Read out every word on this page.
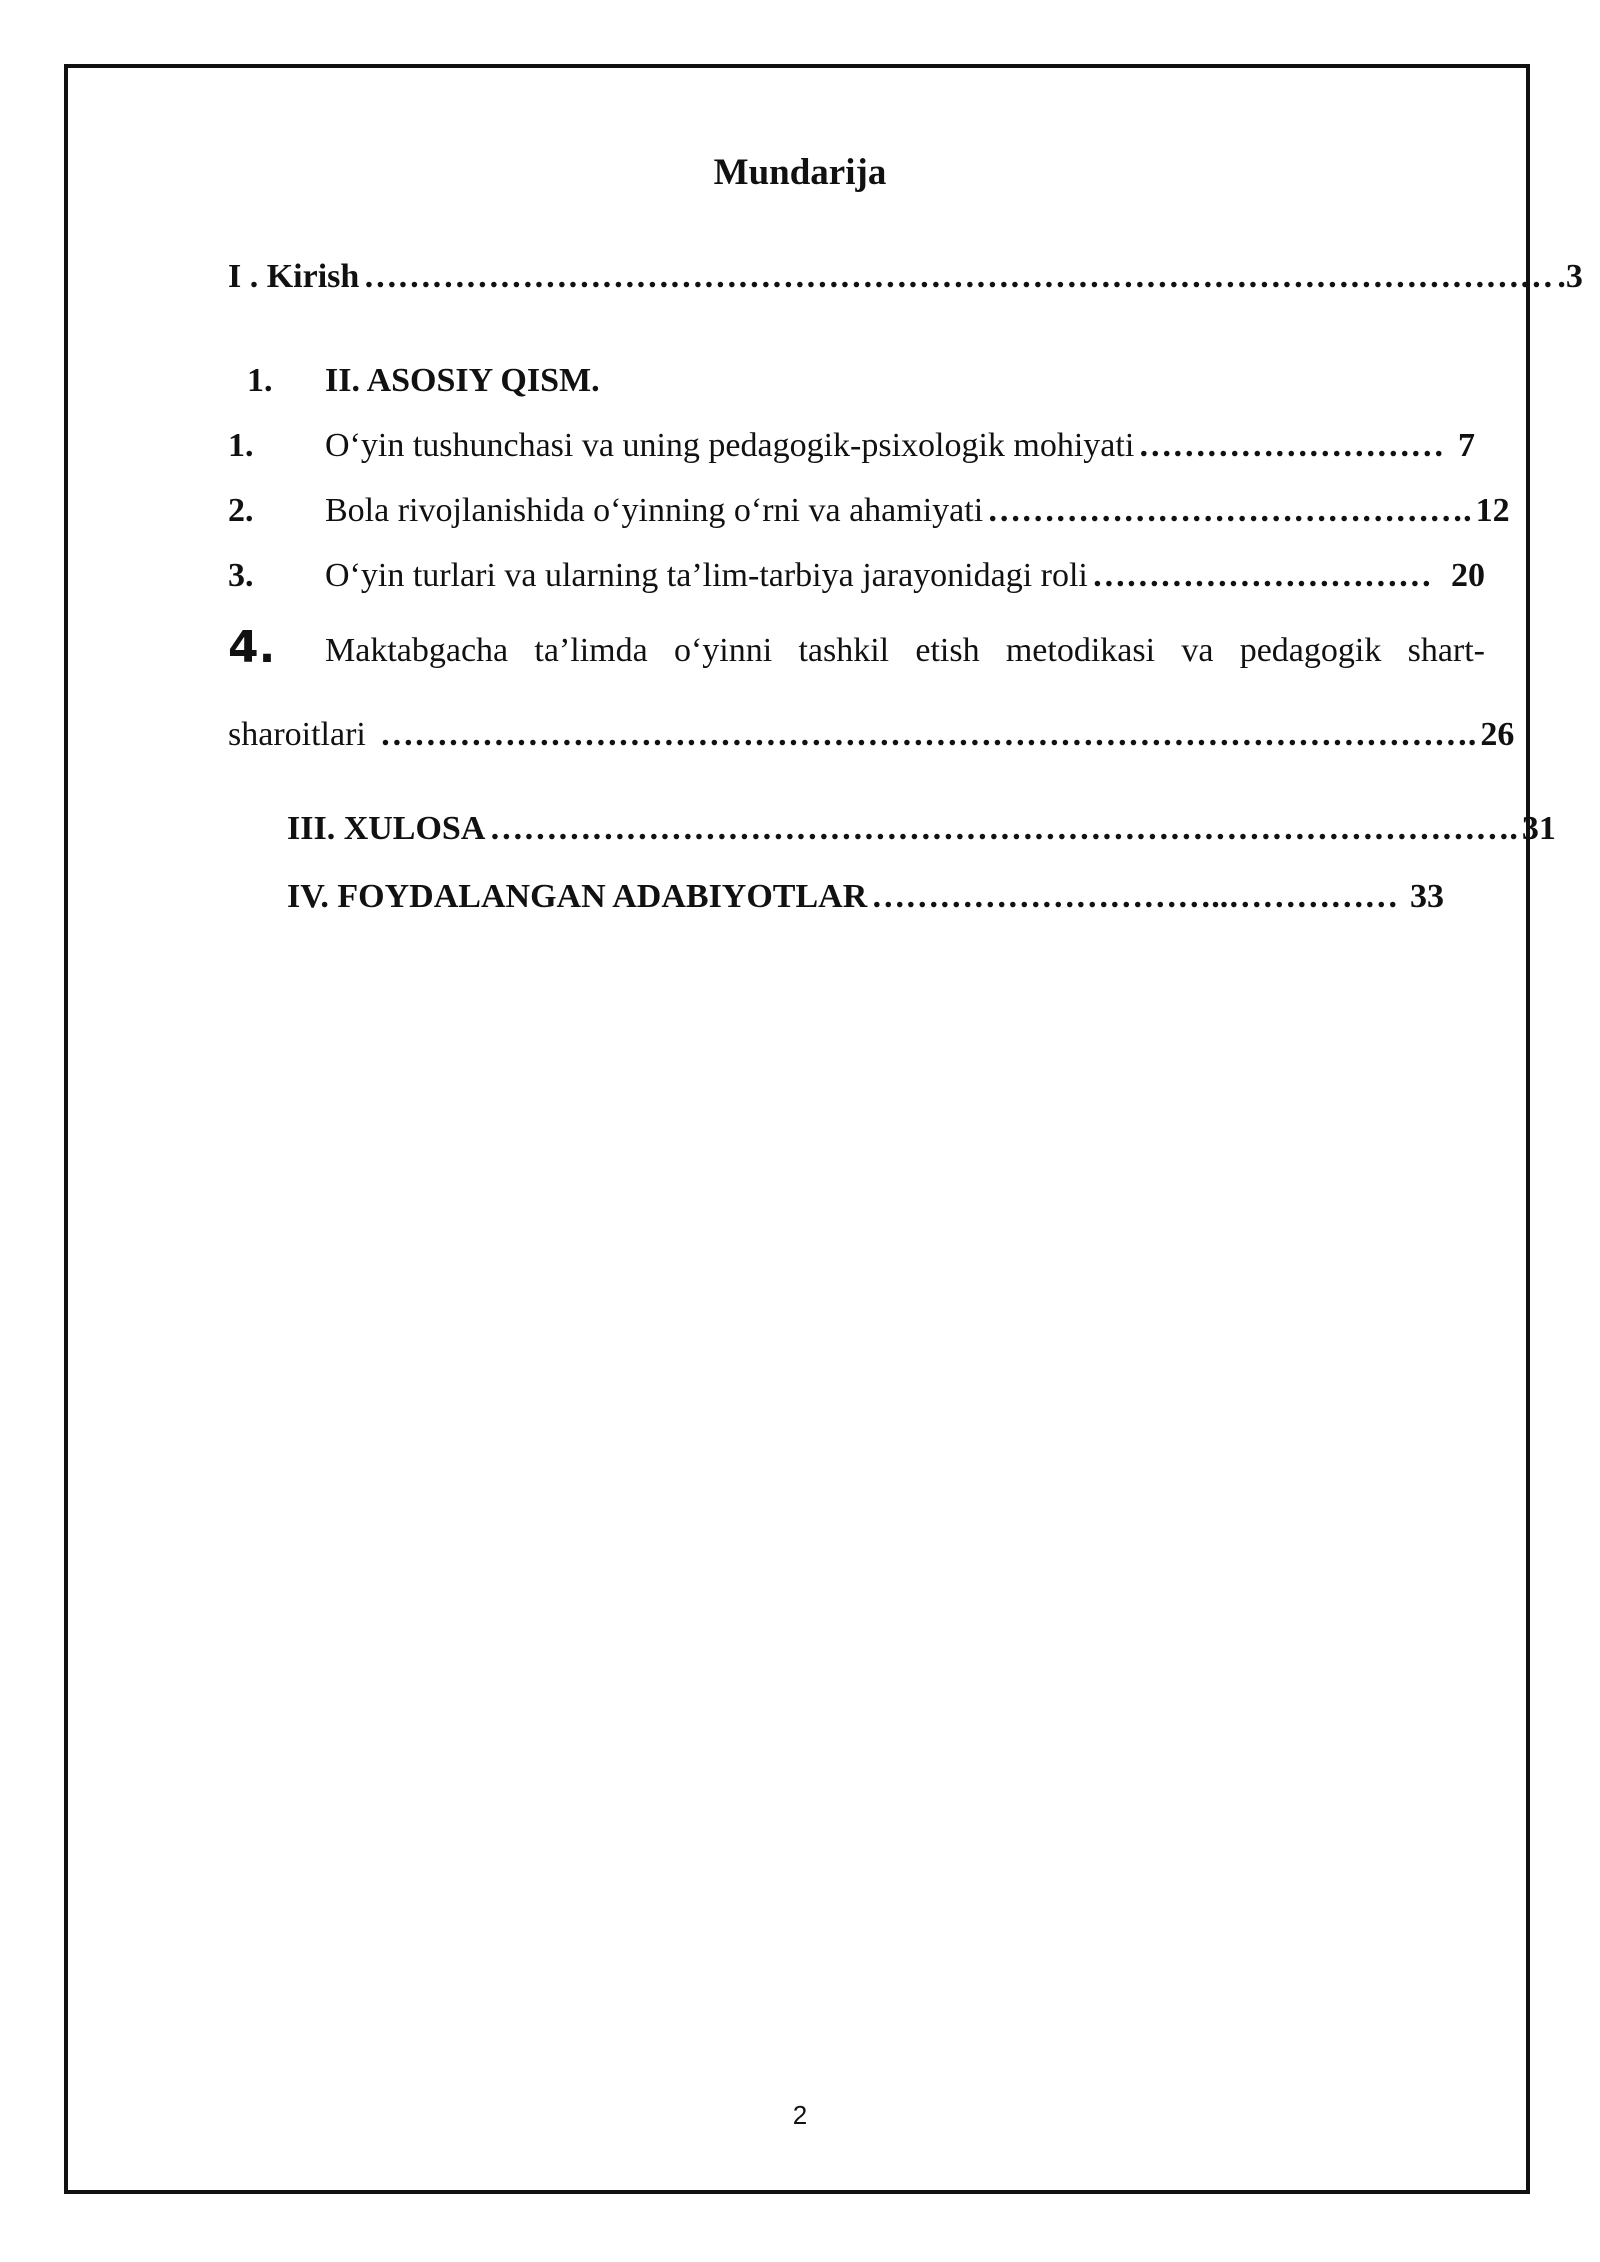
Mundarija
I . Kirish …………………………………………………………………………………………… .3
1. II. ASOSIY QISM.
1. O‘yin tushunchasi va uning pedagogik-psixologik mohiyati ……………………… 7
2. Bola rivojlanishida o‘yinning o‘rni va ahamiyati ……………………………………. 12
3. O‘yin turlari va ularning ta’lim-tarbiya jarayonidagi roli ………………………… 20
4. Maktabgacha ta’limda o‘yinni tashkil etish metodikasi va pedagogik shart-
sharoitlari ……………………………………………………………………………………. 26
III. XULOSA ………………………………………………………………………………. 31
IV. FOYDALANGAN ADABIYOTLAR …………………………..…………… 33
2
